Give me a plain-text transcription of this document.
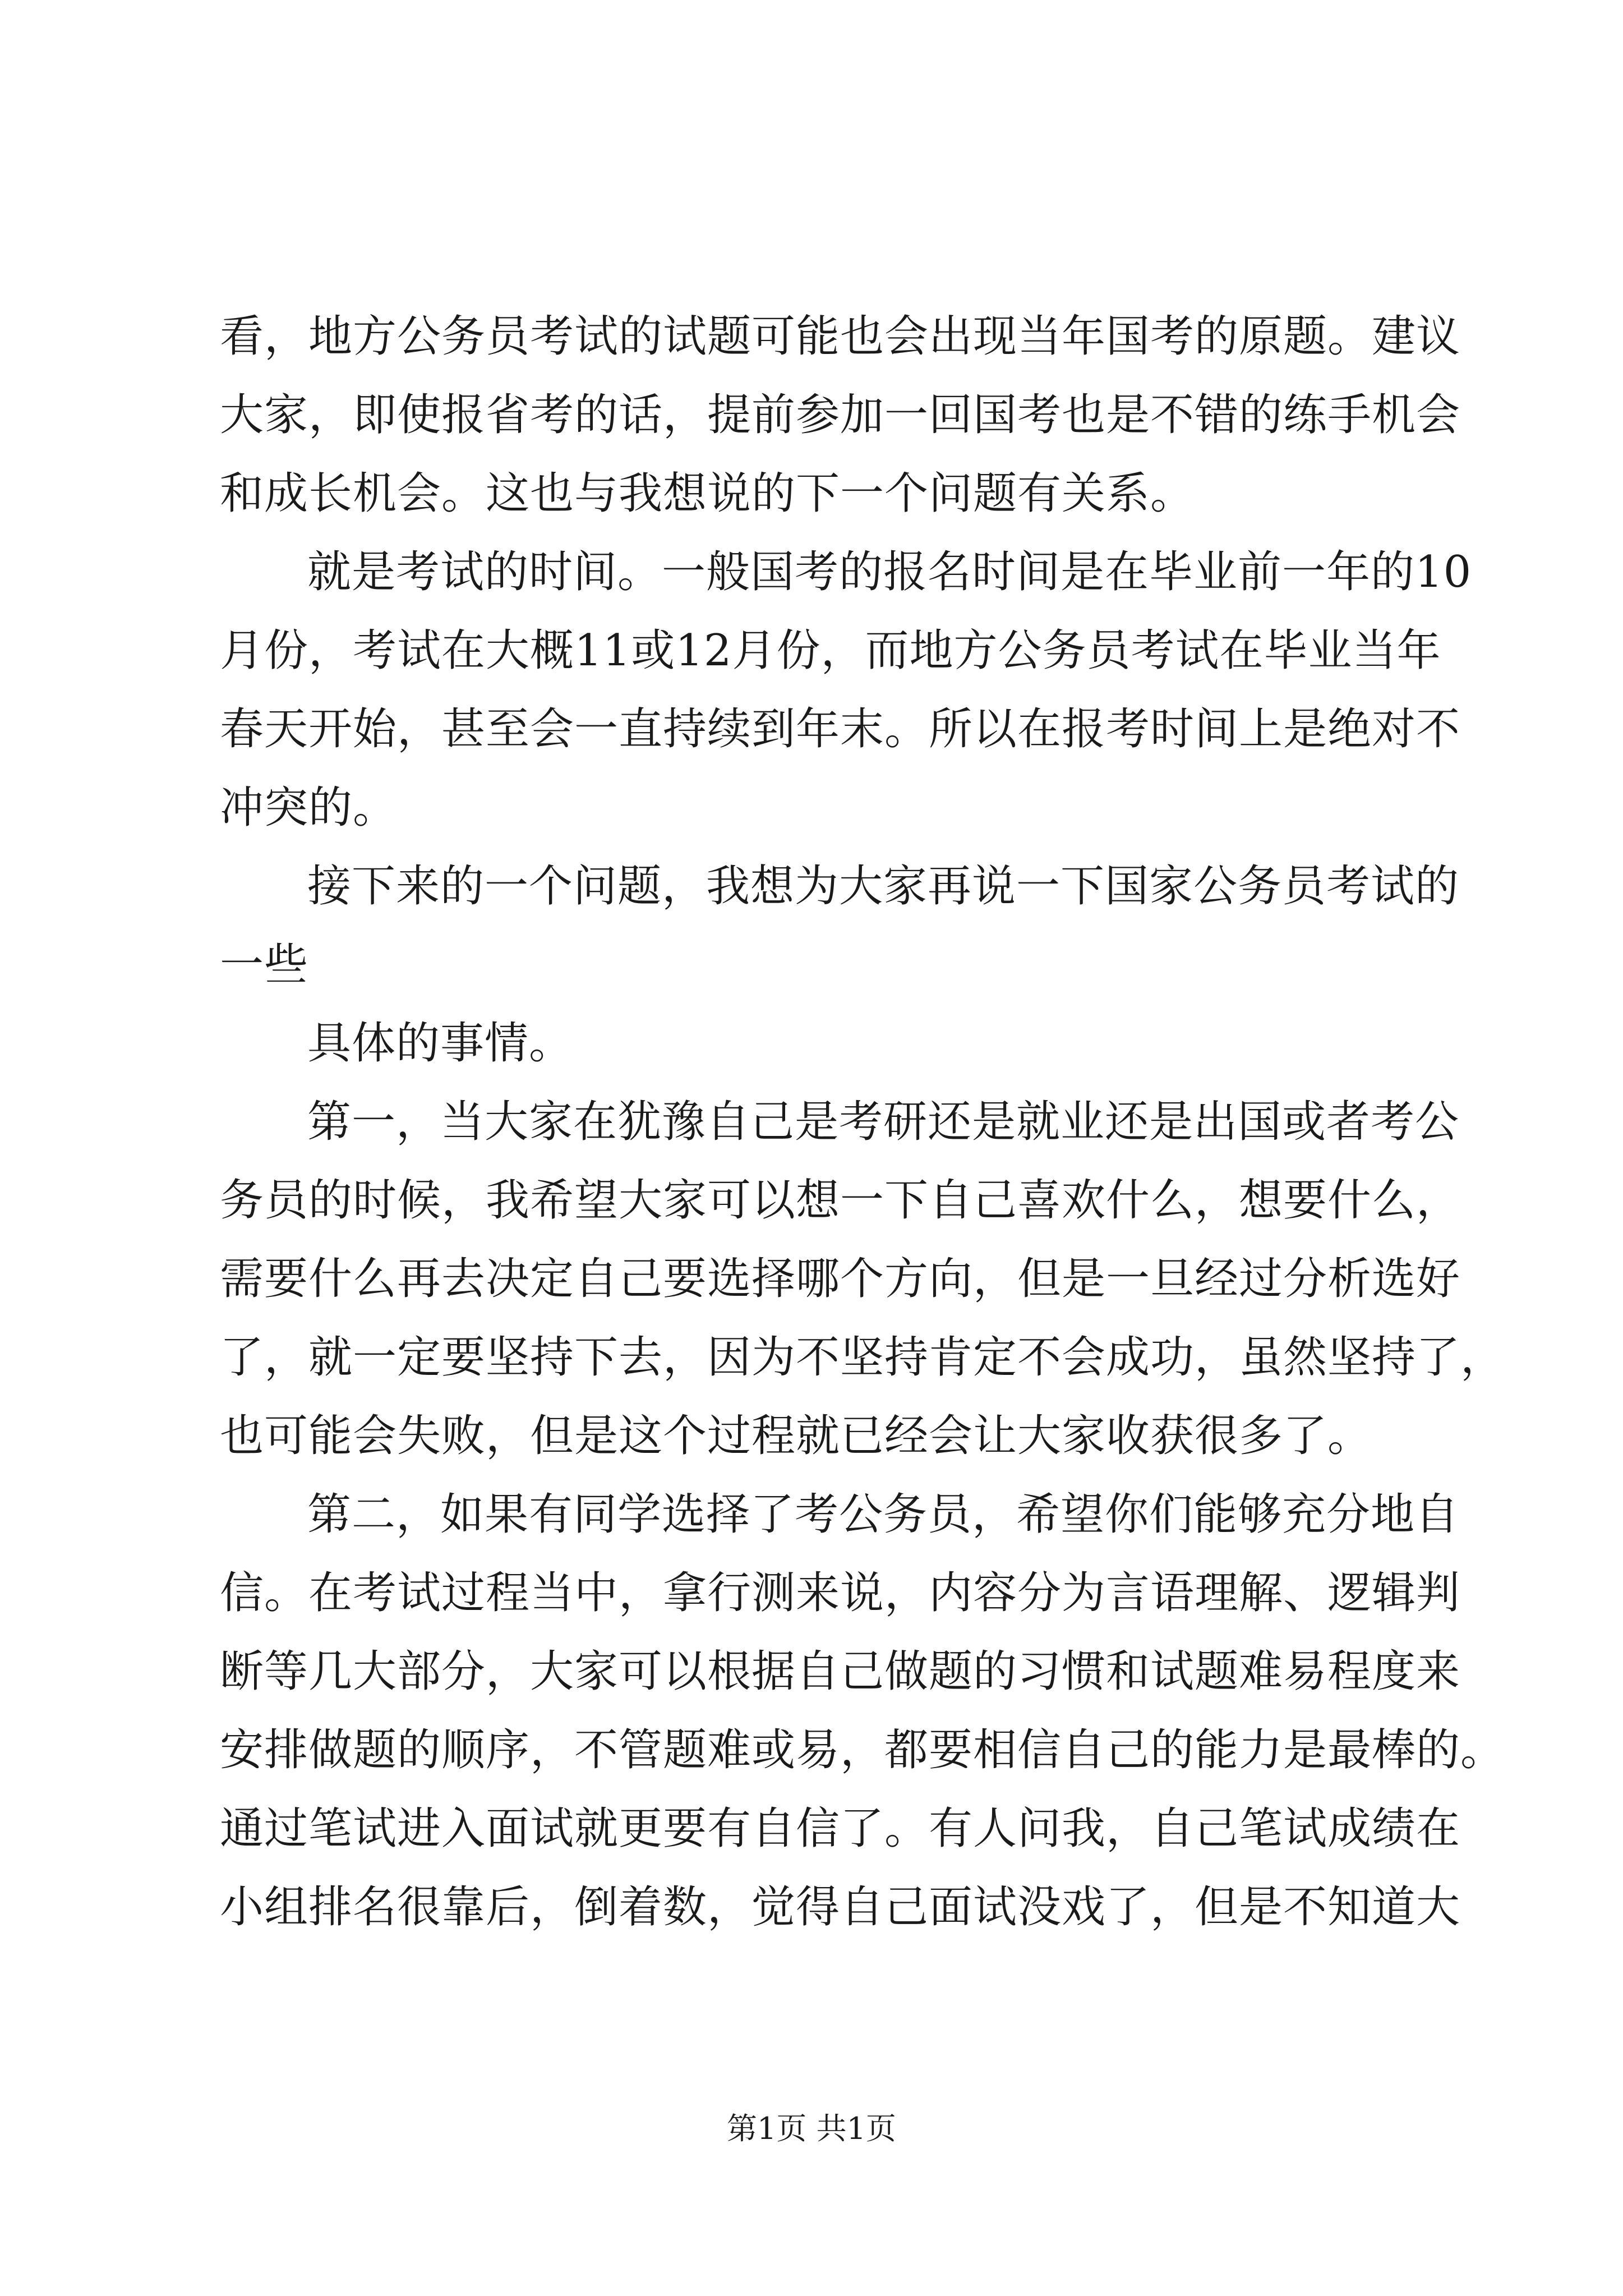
看，地方公务员考试的试题可能也会出现当年国考的原题。建议
大家，即使报省考的话，提前参加一回国考也是不错的练手机会
和成长机会。这也与我想说的下一个问题有关系。
就是考试的时间。一般国考的报名时间是在毕业前一年的10
月份，考试在大概11或12月份，而地方公务员考试在毕业当年
春天开始，甚至会一直持续到年末。所以在报考时间上是绝对不
冲突的。
接下来的一个问题，我想为大家再说一下国家公务员考试的
一些
具体的事情。
第一，当大家在犹豫自己是考研还是就业还是出国或者考公
务员的时候，我希望大家可以想一下自己喜欢什么，想要什么，
需要什么再去决定自己要选择哪个方向，但是一旦经过分析选好
了，就一定要坚持下去，因为不坚持肯定不会成功，虽然坚持了，
也可能会失败，但是这个过程就已经会让大家收获很多了。
第二，如果有同学选择了考公务员，希望你们能够充分地自
信。在考试过程当中，拿行测来说，内容分为言语理解、逻辑判
断等几大部分，大家可以根据自己做题的习惯和试题难易程度来
安排做题的顺序，不管题难或易，都要相信自己的能力是最棒的。
通过笔试进入面试就更要有自信了。有人问我，自己笔试成绩在
小组排名很靠后，倒着数，觉得自己面试没戏了，但是不知道大
第1页 共1页
